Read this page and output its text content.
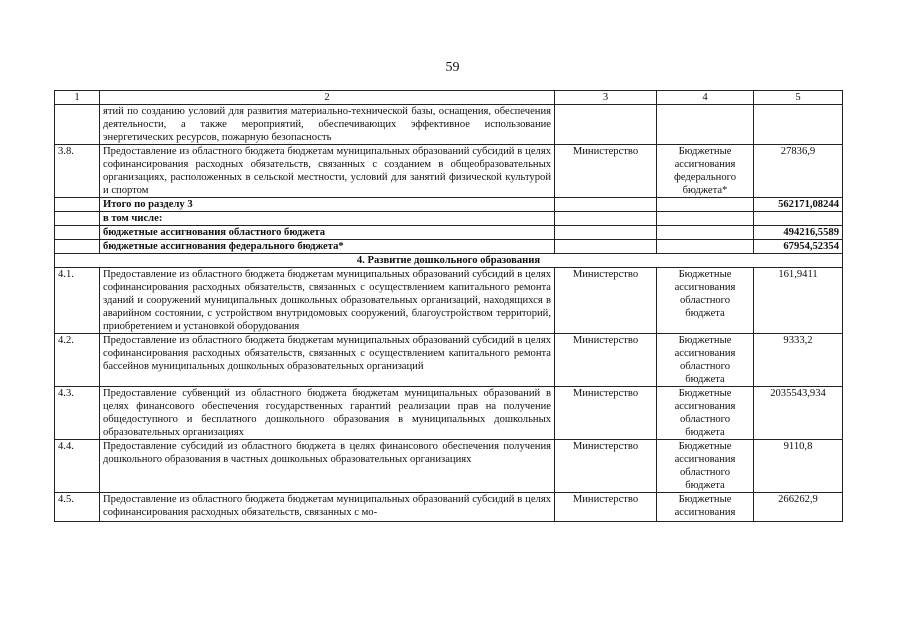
59
1	2	3	4	5
	ятий по созданию условий для развития материально-технической базы, оснащения, обеспечения деятельности, а также мероприятий, обеспечивающих эффективное использование энергетических ресурсов, пожарную безопасность			
3.8.	Предоставление из областного бюджета бюджетам муниципальных образований субсидий в целях софинансирования расходных обязательств, связанных с созданием в общеобразовательных организациях, расположенных в сельской местности, условий для занятий физической культурой и спортом	Министерство	Бюджетные ассигнования федерального бюджета*	27836,9
	Итого по разделу 3			562171,08244
	в том числе:			
	бюджетные ассигнования областного бюджета			494216,5589
	бюджетные ассигнования федерального бюджета*			67954,52354
4. Развитие дошкольного образования				
4.1.	Предоставление из областного бюджета бюджетам муниципальных образований субсидий в целях софинансирования расходных обязательств, связанных с осуществлением капитального ремонта зданий и сооружений муниципальных дошкольных образовательных организаций, находящихся в аварийном состоянии, с устройством внутридомовых сооружений, благоустройством территорий, приобретением и установкой оборудования	Министерство	Бюджетные ассигнования областного бюджета	161,9411
4.2.	Предоставление из областного бюджета бюджетам муниципальных образований субсидий в целях софинансирования расходных обязательств, связанных с осуществлением капитального ремонта бассейнов муниципальных дошкольных образовательных организаций	Министерство	Бюджетные ассигнования областного бюджета	9333,2
4.3.	Предоставление субвенций из областного бюджета бюджетам муниципальных образований в целях финансового обеспечения государственных гарантий реализации прав на получение общедоступного и бесплатного дошкольного образования в муниципальных дошкольных образовательных организациях	Министерство	Бюджетные ассигнования областного бюджета	2035543,934
4.4.	Предоставление субсидий из областного бюджета в целях финансового обеспечения получения дошкольного образования в частных дошкольных образовательных организациях	Министерство	Бюджетные ассигнования областного бюджета	9110,8
4.5.	Предоставление из областного бюджета бюджетам муниципальных образований субсидий в целях софинансирования расходных обязательств, связанных с мо-	Министерство	Бюджетные ассигнования	266262,9
